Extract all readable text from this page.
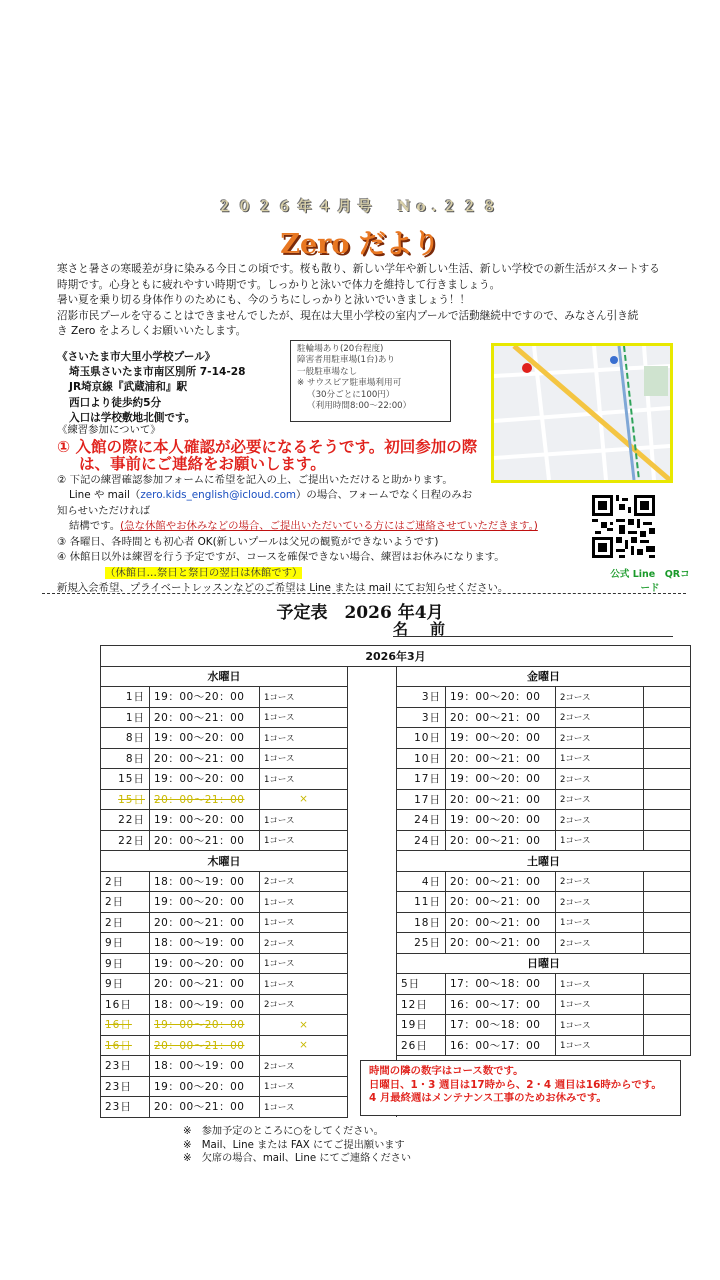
２０２６年４月号　No.２２８
Zero だより
寒さと暑さの寒暖差が身に染みる今日この頃です。桜も散り、新しい学年や新しい生活、新しい学校での新生活がスタートする
時期です。心身ともに疲れやすい時期です。しっかりと泳いで体力を維持して行きましょう。
暑い夏を乗り切る身体作りのためにも、今のうちにしっかりと泳いでいきましょう！！
沼影市民プールを守ることはできませんでしたが、現在は大里小学校の室内プールで活動継続中ですので、みなさん引き続
き Zero をよろしくお願いいたします。
《さいたま市大里小学校プール》
埼玉県さいたま市南区別所 7-14-28
JR埼京線『武蔵浦和』駅
西口より徒歩約5分
入口は学校敷地北側です。
駐輪場あり(20台程度)
障害者用駐車場(1台)あり
一般駐車場なし
※ サウスピア駐車場利用可
（30分ごとに100円）
（利用時間8:00〜22:00）
《練習参加について》
① 入館の際に本人確認が必要になるそうです。初回参加の際
は、事前にご連絡をお願いします。
② 下記の練習確認参加フォームに希望を記入の上、ご提出いただけると助かります。
Line や mail（zero.kids_english@icloud.com）の場合、フォームでなく日程のみお
知らせいただければ
結構です。(急な休館やお休みなどの場合、ご提出いただいている方にはご連絡させていただきます。)
③ 各曜日、各時間とも初心者 OK(新しいプールは父兄の観覧ができないようです)
④ 休館日以外は練習を行う予定ですが、コースを確保できない場合、練習はお休みになります。
（休館日…祭日と祭日の翌日は休館です）
新規入会希望、プライベートレッスンなどのご希望は Line または mail にてお知らせください。
公式 Line　QRコード
予定表　2026 年4月
名前
2026年3月							
水曜日				金曜日			
1日	19：00〜20：00	1コース		3日	19：00〜20：00	2コース	
1日	20：00〜21：00	1コース		3日	20：00〜21：00	2コース	
8日	19：00〜20：00	1コース		10日	19：00〜20：00	2コース	
8日	20：00〜21：00	1コース		10日	20：00〜21：00	1コース	
15日	19：00〜20：00	1コース		17日	19：00〜20：00	2コース	
15日	20：00〜21：00	×		17日	20：00〜21：00	2コース	
22日	19：00〜20：00	1コース		24日	19：00〜20：00	2コース	
22日	20：00〜21：00	1コース		24日	20：00〜21：00	1コース	
木曜日				土曜日			
2日	18：00〜19：00	2コース		4日	20：00〜21：00	2コース	
2日	19：00〜20：00	1コース		11日	20：00〜21：00	2コース	
2日	20：00〜21：00	1コース		18日	20：00〜21：00	1コース	
9日	18：00〜19：00	2コース		25日	20：00〜21：00	2コース	
9日	19：00〜20：00	1コース		日曜日			
9日	20：00〜21：00	1コース		5日	17：00〜18：00	1コース	
16日	18：00〜19：00	2コース		12日	16：00〜17：00	1コース	
16日	19：00〜20：00	×		19日	17：00〜18：00	1コース	
16日	20：00〜21：00	×		26日	16：00〜17：00	1コース	
23日	18：00〜19：00	2コース					
23日	19：00〜20：00	1コース					
23日	20：00〜21：00	1コース					
時間の隣の数字はコース数です。
日曜日、1・3 週目は17時から、2・4 週目は16時からです。
4 月最終週はメンテナンス工事のためお休みです。
※　参加予定のところに○をしてください。
※　Mail、Line または FAX にてご提出願います
※　欠席の場合、mail、Line にてご連絡ください
